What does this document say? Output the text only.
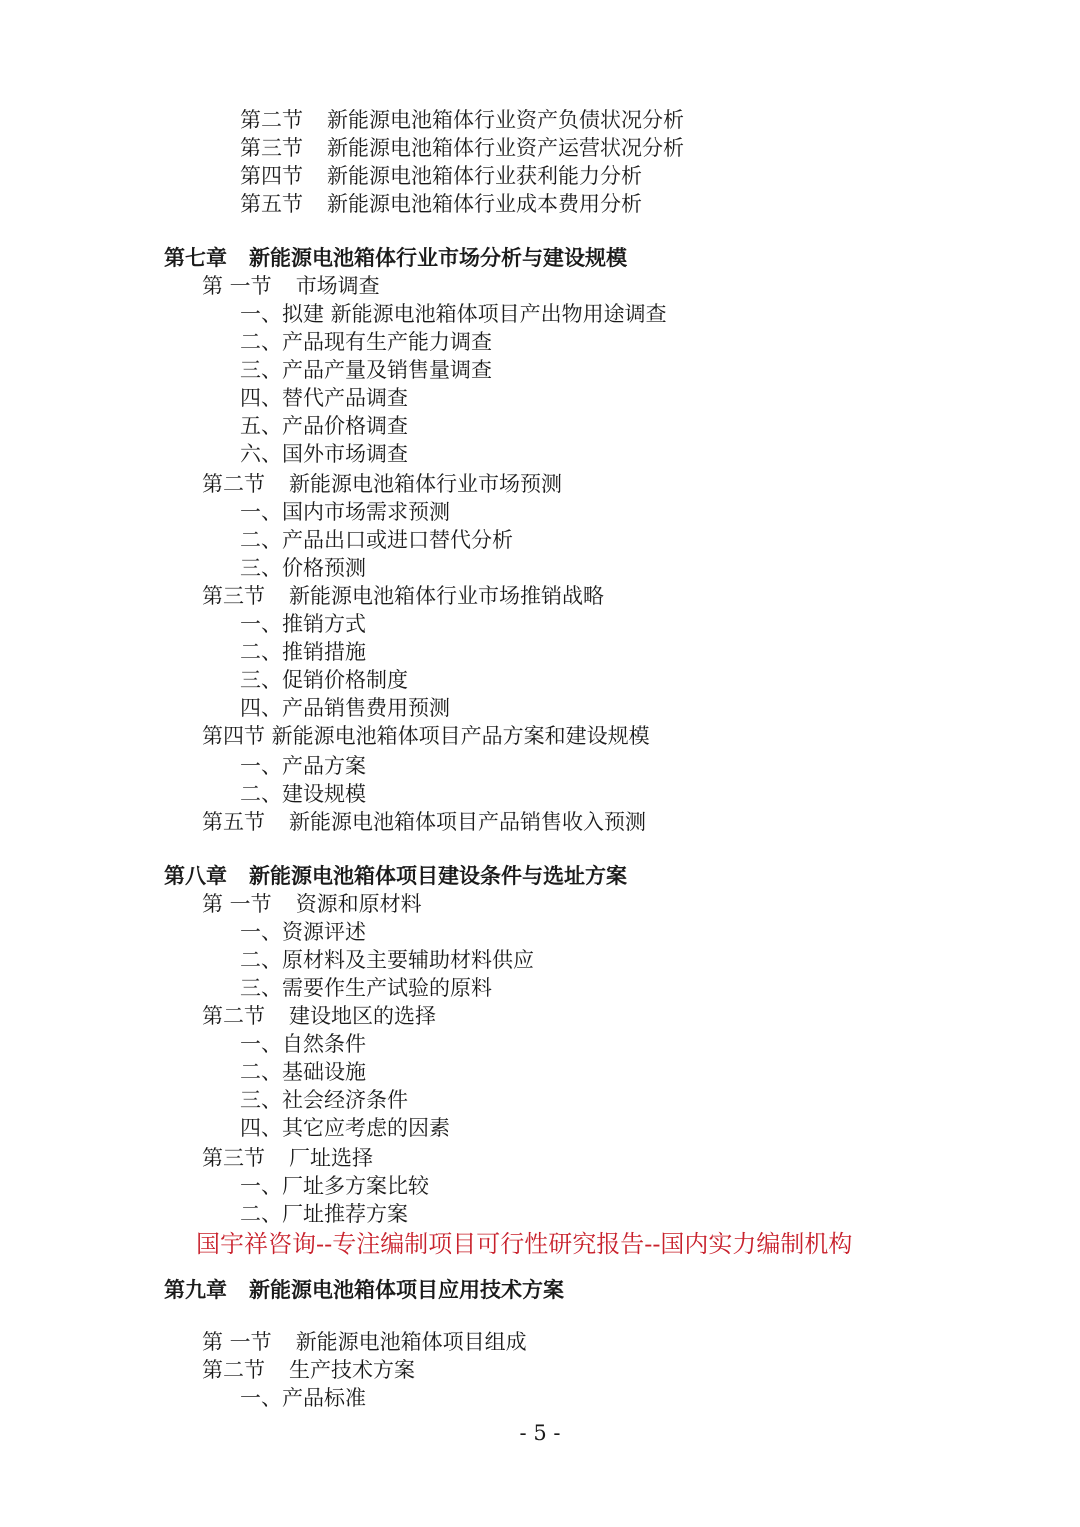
第二节 新能源电池箱体行业资产负债状况分析
第三节 新能源电池箱体行业资产运营状况分析
第四节 新能源电池箱体行业获利能力分析
第五节 新能源电池箱体行业成本费用分析
第七章 新能源电池箱体行业市场分析与建设规模
第 一节 市场调查
一、拟建 新能源电池箱体项目产出物用途调查
二、产品现有生产能力调查
三、产品产量及销售量调查
四、替代产品调查
五、产品价格调查
六、国外市场调查
第二节 新能源电池箱体行业市场预测
一、国内市场需求预测
二、产品出口或进口替代分析
三、价格预测
第三节 新能源电池箱体行业市场推销战略
一、推销方式
二、推销措施
三、促销价格制度
四、产品销售费用预测
第四节 新能源电池箱体项目产品方案和建设规模
一、产品方案
二、建设规模
第五节 新能源电池箱体项目产品销售收入预测
第八章 新能源电池箱体项目建设条件与选址方案
第 一节 资源和原材料
一、资源评述
二、原材料及主要辅助材料供应
三、需要作生产试验的原料
第二节 建设地区的选择
一、自然条件
二、基础设施
三、社会经济条件
四、其它应考虑的因素
第三节 厂址选择
一、厂址多方案比较
二、厂址推荐方案
国宇祥咨询--专注编制项目可行性研究报告--国内实力编制机构
第九章 新能源电池箱体项目应用技术方案
第 一节 新能源电池箱体项目组成
第二节 生产技术方案
一、产品标准
- 5 -
